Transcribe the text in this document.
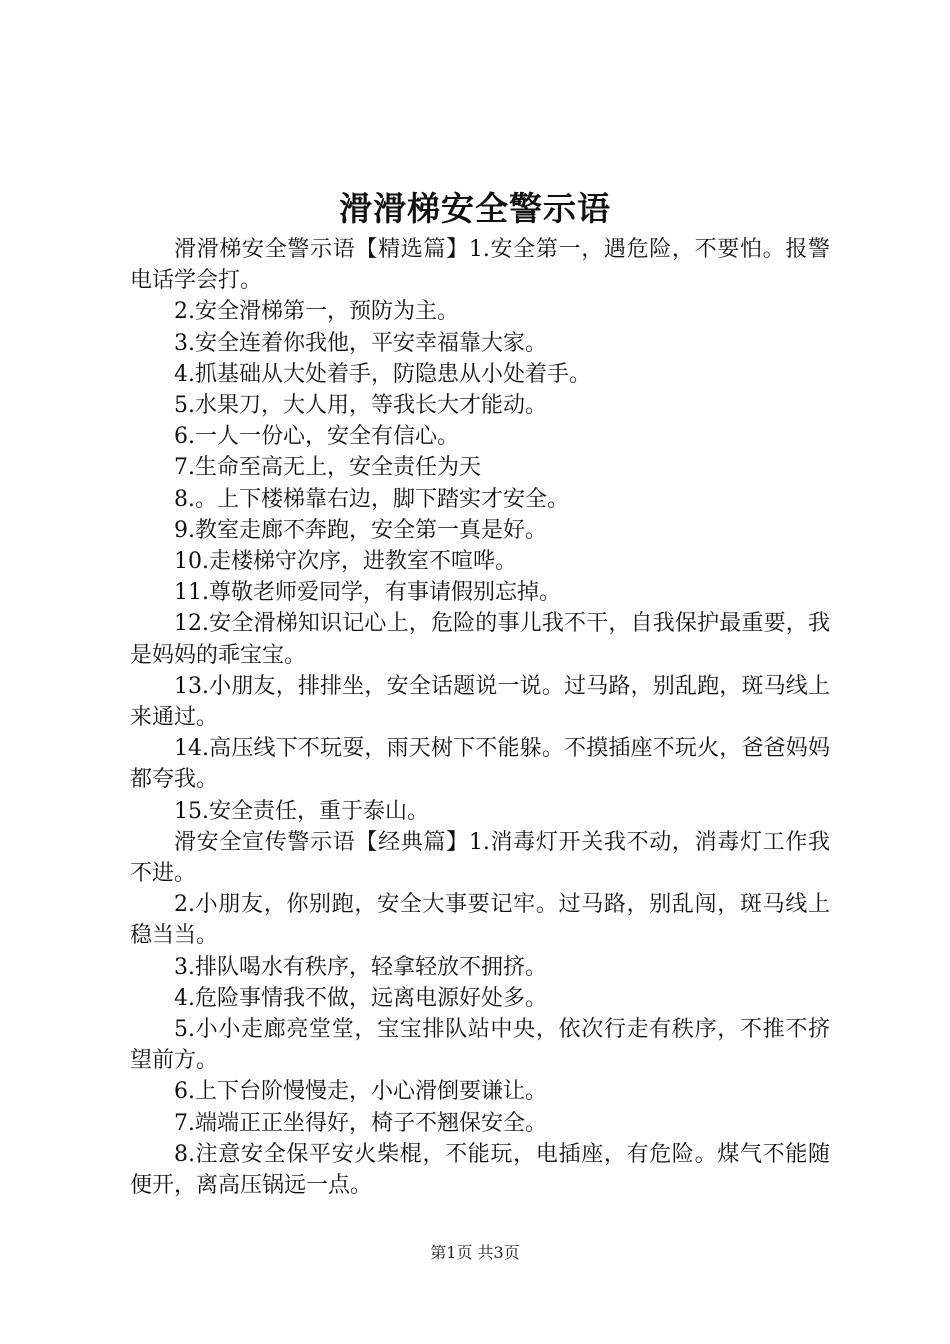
滑滑梯安全警示语

滑滑梯安全警示语【精选篇】1.安全第一，遇危险，不要怕。报警电话学会打。

2.安全滑梯第一，预防为主。

3.安全连着你我他，平安幸福靠大家。

4.抓基础从大处着手，防隐患从小处着手。

5.水果刀，大人用，等我长大才能动。

6.一人一份心，安全有信心。

7.生命至高无上，安全责任为天

8.。上下楼梯靠右边，脚下踏实才安全。

9.教室走廊不奔跑，安全第一真是好。

10.走楼梯守次序，进教室不喧哗。

11.尊敬老师爱同学，有事请假别忘掉。

12.安全滑梯知识记心上，危险的事儿我不干，自我保护最重要，我是妈妈的乖宝宝。

13.小朋友，排排坐，安全话题说一说。过马路，别乱跑，斑马线上来通过。

14.高压线下不玩耍，雨天树下不能躲。不摸插座不玩火，爸爸妈妈都夸我。

15.安全责任，重于泰山。

滑安全宣传警示语【经典篇】1.消毒灯开关我不动，消毒灯工作我不进。

2.小朋友，你别跑，安全大事要记牢。过马路，别乱闯，斑马线上稳当当。

3.排队喝水有秩序，轻拿轻放不拥挤。

4.危险事情我不做，远离电源好处多。

5.小小走廊亮堂堂，宝宝排队站中央，依次行走有秩序，不推不挤望前方。

6.上下台阶慢慢走，小心滑倒要谦让。

7.端端正正坐得好，椅子不翘保安全。

8.注意安全保平安火柴棍，不能玩，电插座，有危险。煤气不能随便开，离高压锅远一点。

第1页 共3页
